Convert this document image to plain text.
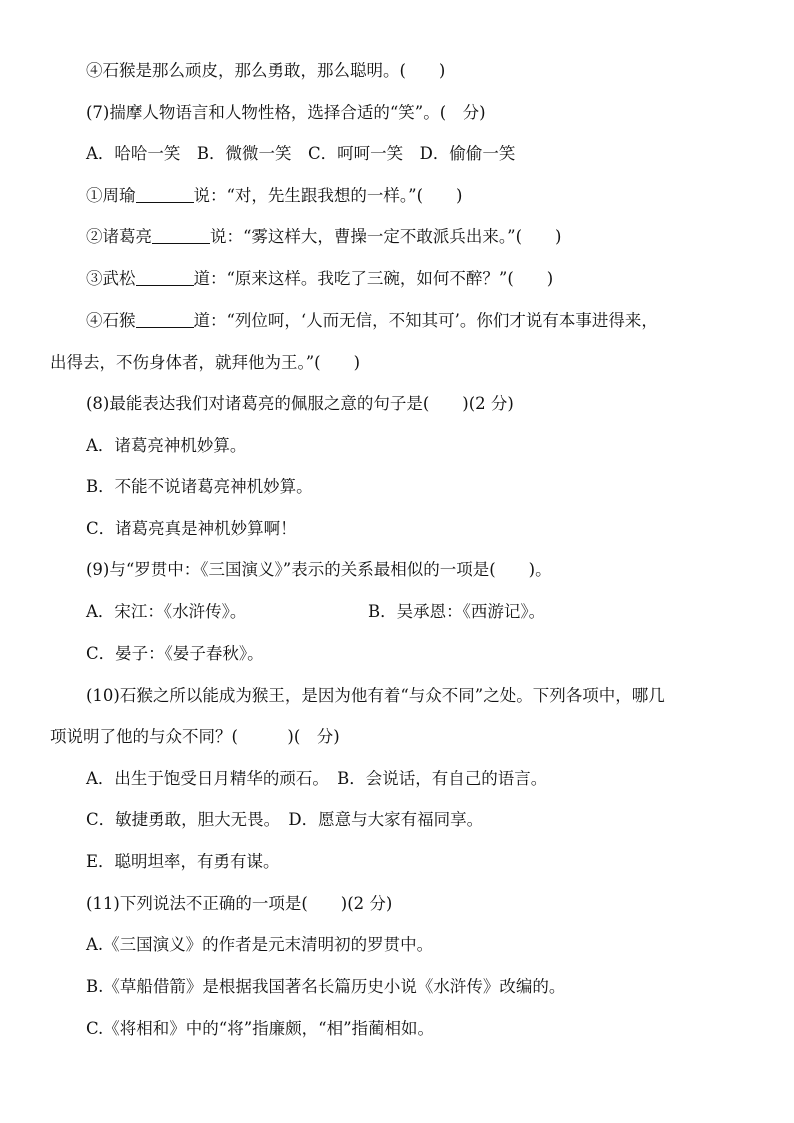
④石猴是那么顽皮，那么勇敢，那么聪明。(　　)
(7)揣摩人物语言和人物性格，选择合适的“笑”。(　分)
A．哈哈一笑　B．微微一笑　C．呵呵一笑　D．偷偷一笑
①周瑜	说：“对，先生跟我想的一样。”(　　)
②诸葛亮	说：“雾这样大，曹操一定不敢派兵出来。”(　　)
③武松	道：“原来这样。我吃了三碗，如何不醉？”(　　)
④石猴	道：“列位呵，‘人而无信，不知其可’。你们才说有本事进得来，
出得去，不伤身体者，就拜他为王。”(　　)
(8)最能表达我们对诸葛亮的佩服之意的句子是(　　)(2 分)
A．诸葛亮神机妙算。
B．不能不说诸葛亮神机妙算。
C．诸葛亮真是神机妙算啊！
(9)与“罗贯中：《三国演义》”表示的关系最相似的一项是(　　)。
A．宋江：《水浒传》。	B．吴承恩：《西游记》。
C．晏子：《晏子春秋》。
(10)石猴之所以能成为猴王，是因为他有着“与众不同”之处。下列各项中，哪几
项说明了他的与众不同？(　　　)(　分)
A．出生于饱受日月精华的顽石。　B．会说话，有自己的语言。
C．敏捷勇敢，胆大无畏。　D．愿意与大家有福同享。
E．聪明坦率，有勇有谋。
(11)下列说法不正确的一项是(　　)(2 分)
A.《三国演义》的作者是元末清明初的罗贯中。
B.《草船借箭》是根据我国著名长篇历史小说《水浒传》改编的。
C.《将相和》中的“将”指廉颇，“相”指蔺相如。
